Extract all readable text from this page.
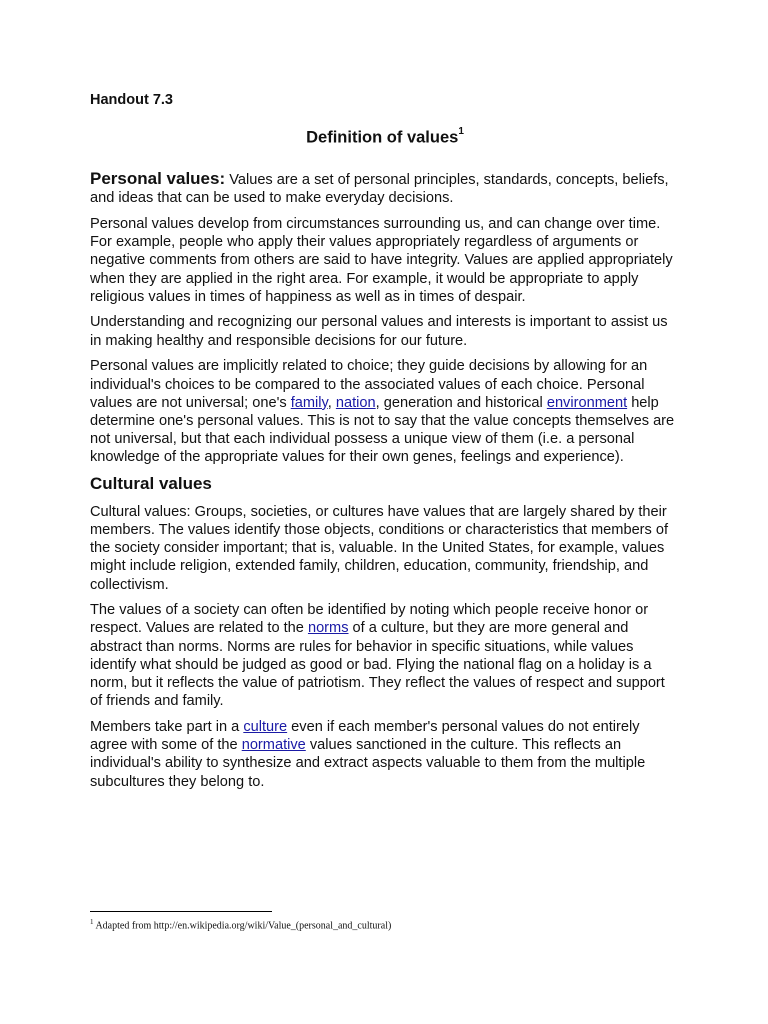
Handout 7.3
Definition of values$^1$

Personal values: Values are a set of personal principles, standards, concepts, beliefs, and ideas that can be used to make everyday decisions.

Personal values develop from circumstances surrounding us, and can change over time. For example, people who apply their values appropriately regardless of arguments or negative comments from others are said to have integrity. Values are applied appropriately when they are applied in the right area. For example, it would be appropriate to apply religious values in times of happiness as well as in times of despair.

Understanding and recognizing our personal values and interests is important to assist us in making healthy and responsible decisions for our future.

Personal values are implicitly related to choice; they guide decisions by allowing for an individual's choices to be compared to the associated values of each choice. Personal values are not universal; one's family, nation, generation and historical environment help determine one's personal values. This is not to say that the value concepts themselves are not universal, but that each individual possess a unique view of them (i.e. a personal knowledge of the appropriate values for their own genes, feelings and experience).

Cultural values

Cultural values: Groups, societies, or cultures have values that are largely shared by their members. The values identify those objects, conditions or characteristics that members of the society consider important; that is, valuable. In the United States, for example, values might include religion, extended family, children, education, community, friendship, and collectivism.

The values of a society can often be identified by noting which people receive honor or respect. Values are related to the norms of a culture, but they are more general and abstract than norms. Norms are rules for behavior in specific situations, while values identify what should be judged as good or bad. Flying the national flag on a holiday is a norm, but it reflects the value of patriotism. They reflect the values of respect and support of friends and family.

Members take part in a culture even if each member's personal values do not entirely agree with some of the normative values sanctioned in the culture. This reflects an individual's ability to synthesize and extract aspects valuable to them from the multiple subcultures they belong to.

$^1$ Adapted from http://en.wikipedia.org/wiki/Value_(personal_and_cultural)
